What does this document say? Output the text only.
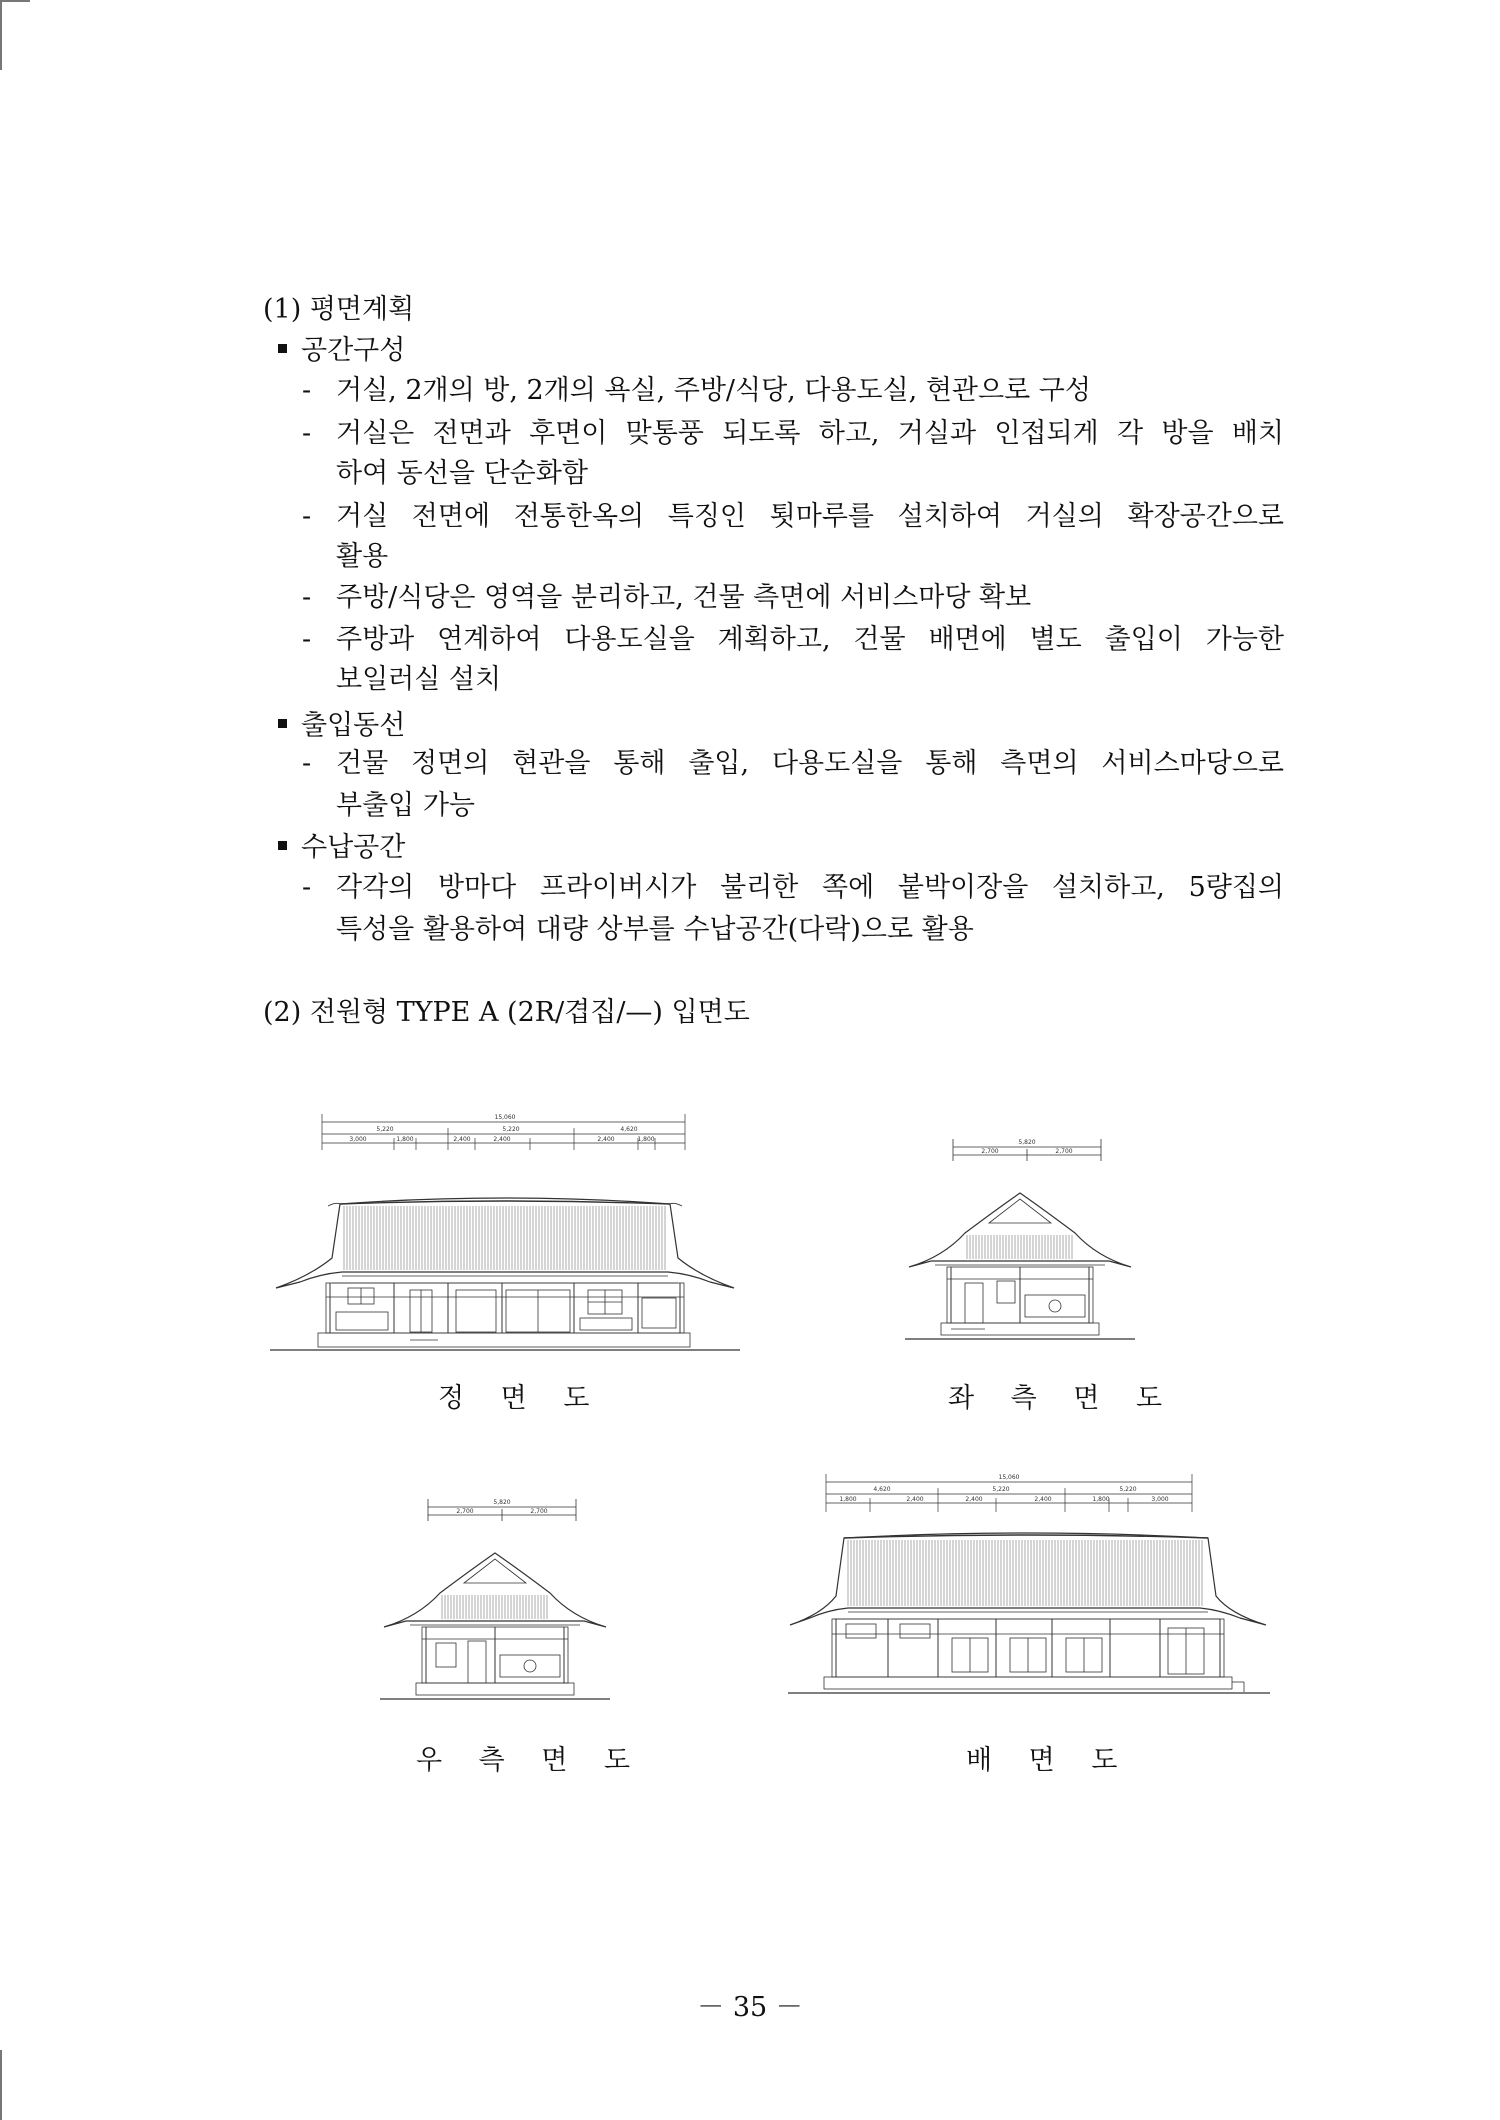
(1) 평면계획
공간구성
- 거실, 2개의 방, 2개의 욕실, 주방/식당, 다용도실, 현관으로 구성
- 거실은 전면과 후면이 맞통풍 되도록 하고, 거실과 인접되게 각 방을 배치
하여 동선을 단순화함
- 거실 전면에 전통한옥의 특징인 툇마루를 설치하여 거실의 확장공간으로
활용
- 주방/식당은 영역을 분리하고, 건물 측면에 서비스마당 확보
- 주방과 연계하여 다용도실을 계획하고, 건물 배면에 별도 출입이 가능한
보일러실 설치
출입동선
- 건물 정면의 현관을 통해 출입, 다용도실을 통해 측면의 서비스마당으로
부출입 가능
수납공간
- 각각의 방마다 프라이버시가 불리한 쪽에 붙박이장을 설치하고, 5량집의
특성을 활용하여 대량 상부를 수납공간(다락)으로 활용
(2) 전원형 TYPE A (2R/겹집/—) 입면도
15,060
5,220	5,220	4,620
3,000	1,800	2,400	2,400	2,400	1,800
정 면 도
5,820
2,700	2,700
좌 측 면 도
5,820
2,700	2,700
우 측 면 도
15,060
4,620	5,220	5,220
1,800	2,400	2,400	2,400	1,800	3,000
배 면 도
－ 35 －
